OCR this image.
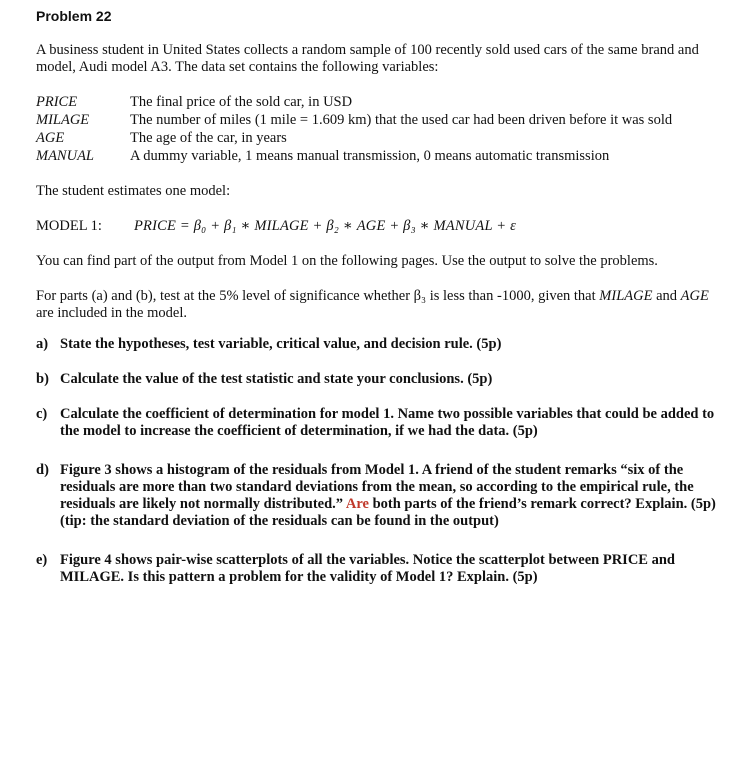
Problem 22

A business student in United States collects a random sample of 100 recently sold used cars of the same brand and model, Audi model A3. The data set contains the following variables:

PRICE	The final price of the sold car, in USD
MILAGE	The number of miles (1 mile = 1.609 km) that the used car had been driven before it was sold
AGE	The age of the car, in years
MANUAL	A dummy variable, 1 means manual transmission, 0 means automatic transmission

The student estimates one model:

MODEL 1:	PRICE = β₀ + β₁ ∗ MILAGE + β₂ ∗ AGE + β₃ ∗ MANUAL + ε

You can find part of the output from Model 1 on the following pages. Use the output to solve the problems.

For parts (a) and (b), test at the 5% level of significance whether β₃ is less than -1000, given that MILAGE and AGE are included in the model.

a) State the hypotheses, test variable, critical value, and decision rule. (5p)
b) Calculate the value of the test statistic and state your conclusions. (5p)
c) Calculate the coefficient of determination for model 1. Name two possible variables that could be added to the model to increase the coefficient of determination, if we had the data. (5p)
d) Figure 3 shows a histogram of the residuals from Model 1. A friend of the student remarks “six of the residuals are more than two standard deviations from the mean, so according to the empirical rule, the residuals are likely not normally distributed.” Are both parts of the friend’s remark correct? Explain. (5p) (tip: the standard deviation of the residuals can be found in the output)
e) Figure 4 shows pair-wise scatterplots of all the variables. Notice the scatterplot between PRICE and MILAGE. Is this pattern a problem for the validity of Model 1? Explain. (5p)
